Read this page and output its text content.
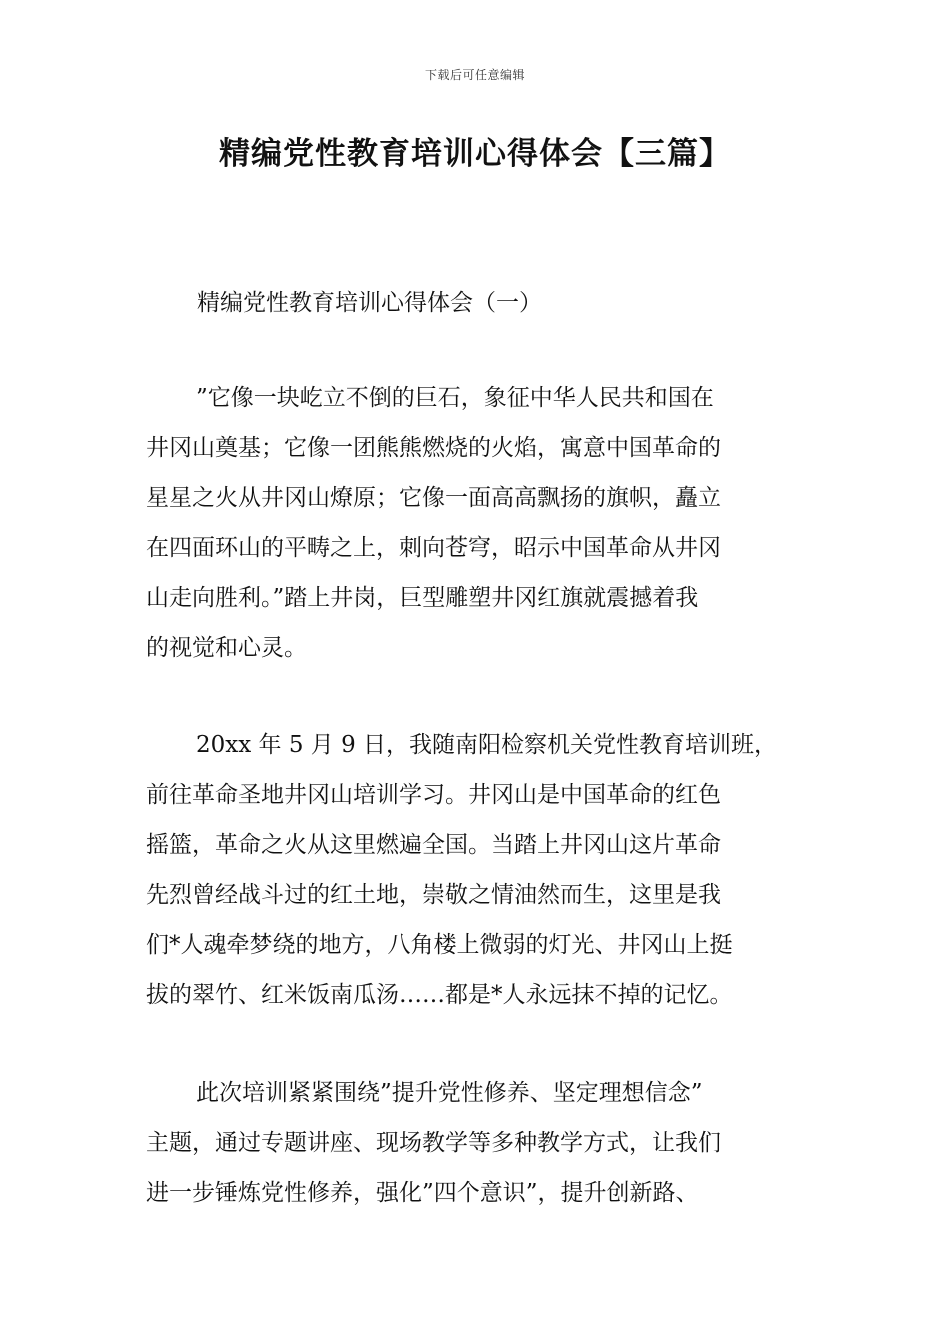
下载后可任意编辑
精编党性教育培训心得体会【三篇】
精编党性教育培训心得体会（一）
”它像一块屹立不倒的巨石，象征中华人民共和国在
井冈山奠基；它像一团熊熊燃烧的火焰，寓意中国革命的
星星之火从井冈山燎原；它像一面高高飘扬的旗帜，矗立
在四面环山的平畴之上，刺向苍穹，昭示中国革命从井冈
山走向胜利。”踏上井岗，巨型雕塑井冈红旗就震撼着我
的视觉和心灵。
20xx 年 5 月 9 日，我随南阳检察机关党性教育培训班，
前往革命圣地井冈山培训学习。井冈山是中国革命的红色
摇篮，革命之火从这里燃遍全国。当踏上井冈山这片革命
先烈曾经战斗过的红土地，崇敬之情油然而生，这里是我
们*人魂牵梦绕的地方，八角楼上微弱的灯光、井冈山上挺
拔的翠竹、红米饭南瓜汤……都是*人永远抹不掉的记忆。
此次培训紧紧围绕”提升党性修养、坚定理想信念”
主题，通过专题讲座、现场教学等多种教学方式，让我们
进一步锤炼党性修养，强化”四个意识”，提升创新路、
